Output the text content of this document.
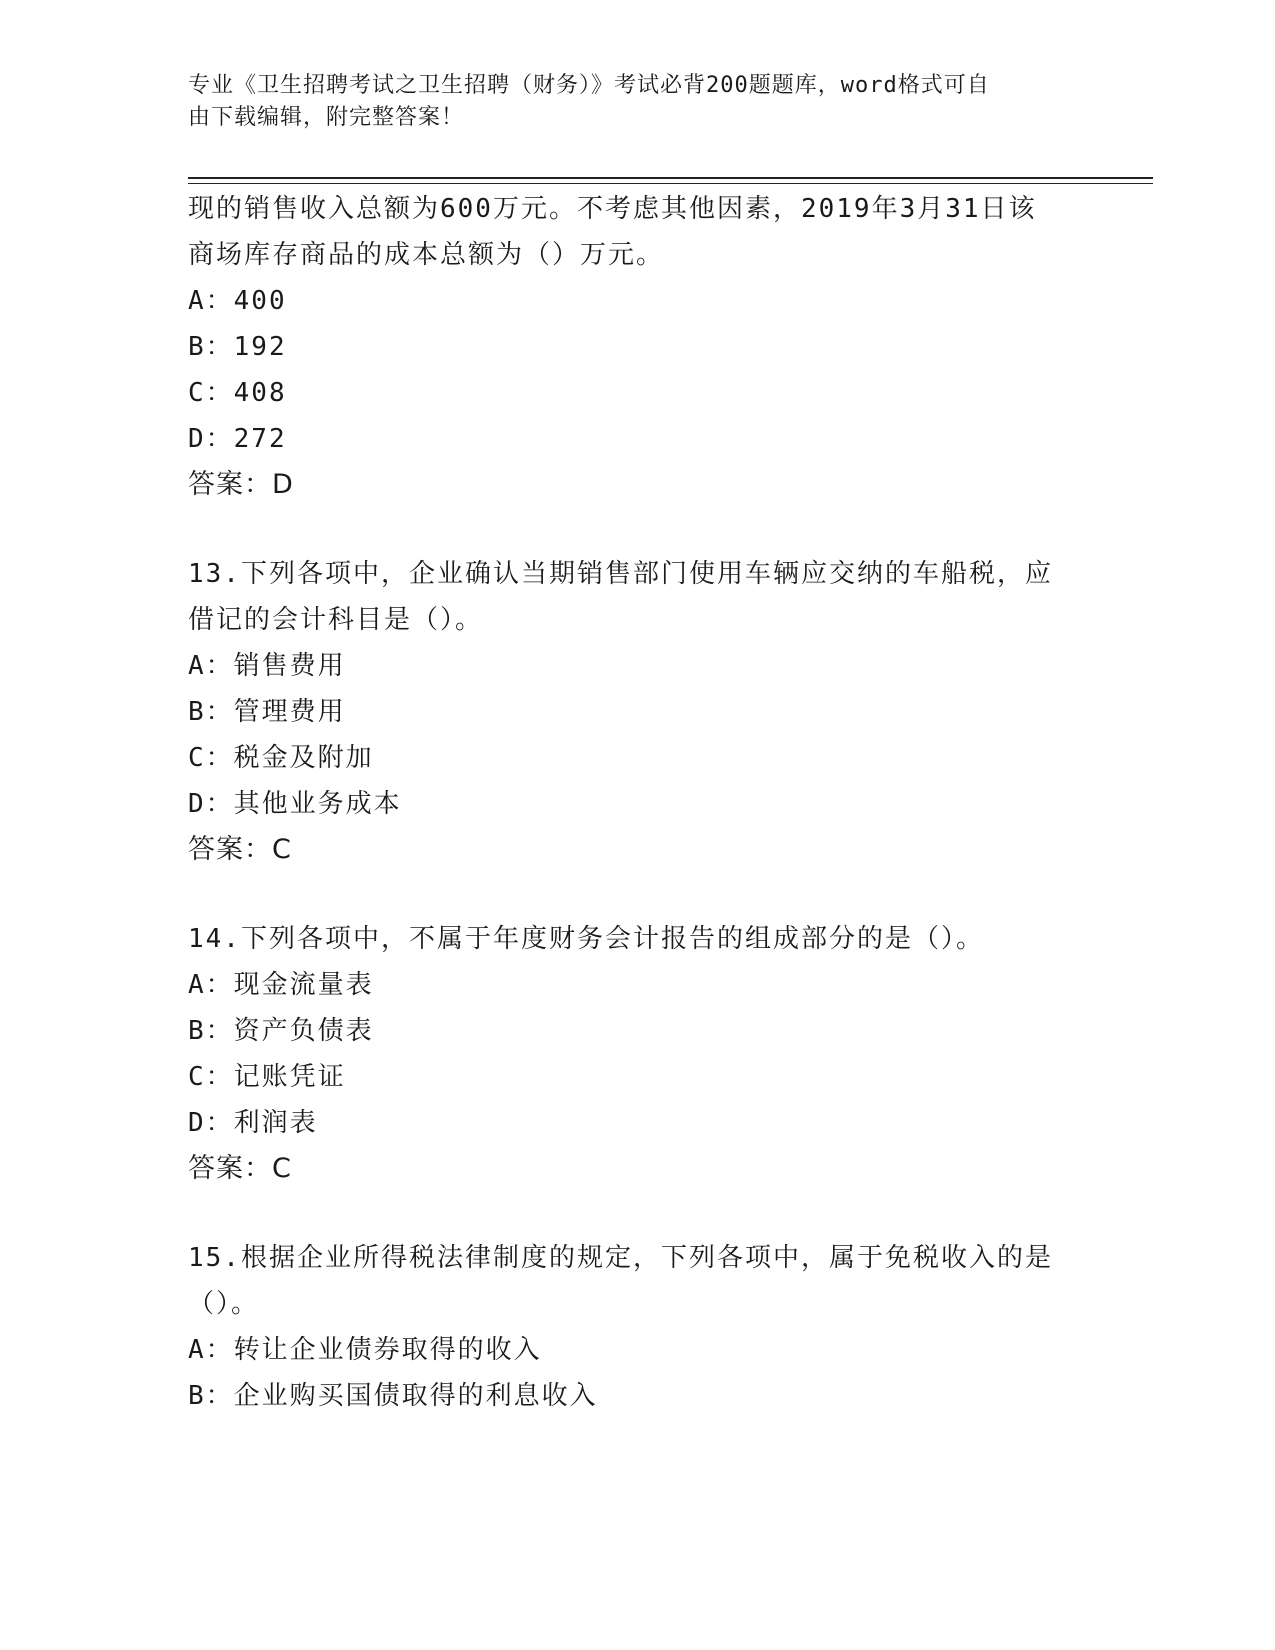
专业《卫生招聘考试之卫生招聘（财务）》考试必背200题题库，word格式可自
由下载编辑，附完整答案！
现的销售收入总额为600万元。不考虑其他因素，2019年3月31日该
商场库存商品的成本总额为（）万元。
A：400
B：192
C：408
D：272
答案：D
13.下列各项中，企业确认当期销售部门使用车辆应交纳的车船税，应
借记的会计科目是（）。
A：销售费用
B：管理费用
C：税金及附加
D：其他业务成本
答案：C
14.下列各项中，不属于年度财务会计报告的组成部分的是（）。
A：现金流量表
B：资产负债表
C：记账凭证
D：利润表
答案：C
15.根据企业所得税法律制度的规定，下列各项中，属于免税收入的是
（）。
A：转让企业债券取得的收入
B：企业购买国债取得的利息收入
